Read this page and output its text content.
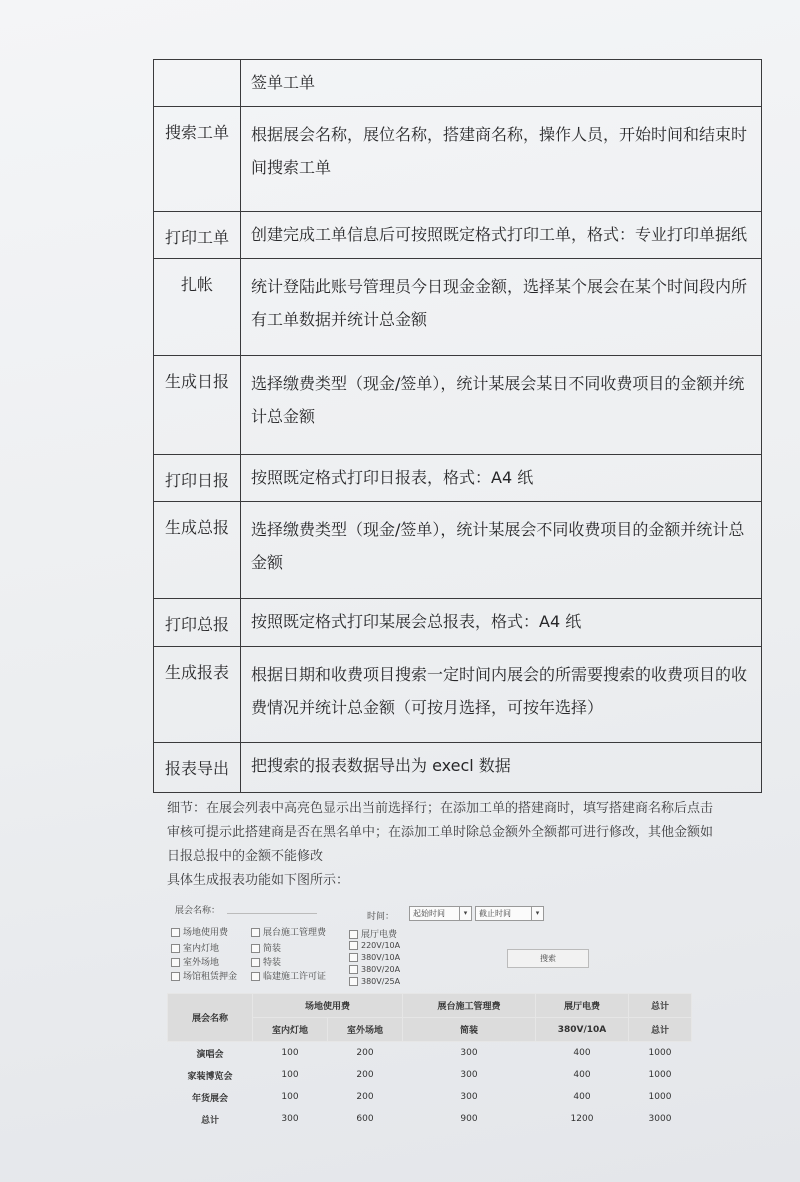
	签单工单
搜索工单	根据展会名称，展位名称，搭建商名称，操作人员，开始时间和结束时间搜索工单
打印工单	创建完成工单信息后可按照既定格式打印工单，格式：专业打印单据纸
扎帐	统计登陆此账号管理员今日现金金额，选择某个展会在某个时间段内所有工单数据并统计总金额
生成日报	选择缴费类型（现金/签单），统计某展会某日不同收费项目的金额并统计总金额
打印日报	按照既定格式打印日报表，格式：A4 纸
生成总报	选择缴费类型（现金/签单），统计某展会不同收费项目的金额并统计总金额
打印总报	按照既定格式打印某展会总报表，格式：A4 纸
生成报表	根据日期和收费项目搜索一定时间内展会的所需要搜索的收费项目的收费情况并统计总金额（可按月选择，可按年选择）
报表导出	把搜索的报表数据导出为 execl 数据
细节：在展会列表中高亮色显示出当前选择行；在添加工单的搭建商时，填写搭建商名称后点击
审核可提示此搭建商是否在黑名单中；在添加工单时除总金额外全额都可进行修改，其他金额如
日报总报中的金额不能修改
具体生成报表功能如下图所示：
展会名称：
时间：	起始时间	▾	截止时间	▾
场地使用费
室内灯地
室外场地
场馆租赁押金
展台施工管理费
简装
特装
临建施工许可证
展厅电费
220V/10A
380V/10A
380V/20A
380V/25A
搜索
展会名称	场地使用费		展台施工管理费	展厅电费	总计
	室内灯地	室外场地	简装	380V/10A	总计
演唱会	100	200	300	400	1000
家装博览会	100	200	300	400	1000
年货展会	100	200	300	400	1000
总计	300	600	900	1200	3000
